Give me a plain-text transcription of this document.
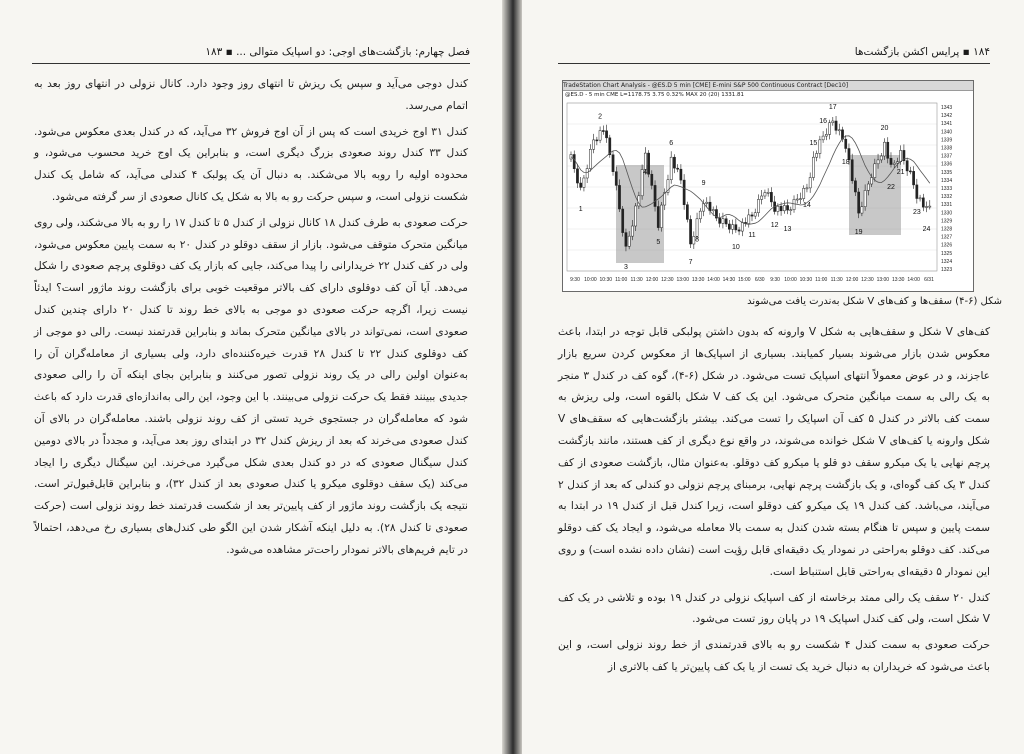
فصل چهارم: بازگشت‌های اوجی: دو اسپایک متوالی ... ▪ ۱۸۳

کندل دوجی می‌آید و سپس یک ریزش تا انتهای روز وجود دارد. کانال نزولی در انتهای روز بعد به اتمام می‌رسد.

کندل ۳۱ اوج خریدی است که پس از آن اوج فروش ۳۲ می‌آید، که در کندل بعدی معکوس می‌شود. کندل ۳۳ کندل روند صعودی بزرگ دیگری است، و بنابراین یک اوج خرید محسوب می‌شود، و محدوده اولیه را روبه بالا می‌شکند. به دنبال آن یک پولبک ۴ کندلی می‌آید، که شامل یک کندل شکست نزولی است، و سپس حرکت رو به بالا به شکل یک کانال صعودی از سر گرفته می‌شود.

حرکت صعودی به طرف کندل ۱۸ کانال نزولی از کندل ۵ تا کندل ۱۷ را رو به بالا می‌شکند، ولی روی میانگین متحرک متوقف می‌شود. بازار از سقف دوقلو در کندل ۲۰ به سمت پایین معکوس می‌شود، ولی در کف کندل ۲۲ خریدارانی را پیدا می‌کند، جایی که بازار یک کف دوقلوی پرچم صعودی را شکل می‌دهد. آیا آن کف دوقلوی دارای کف بالاتر موقعیت خوبی برای بازگشت روند ماژور است؟ ایدئاً نیست زیرا، اگرچه حرکت صعودی دو موجی به بالای خط روند تا کندل ۲۰ دارای چندین کندل صعودی است، نمی‌تواند در بالای میانگین متحرک بماند و بنابراین قدرتمند نیست. رالی دو موجی از کف دوقلوی کندل ۲۲ تا کندل ۲۸ قدرت خیره‌کننده‌ای دارد، ولی بسیاری از معامله‌گران آن را به‌عنوان اولین رالی در یک روند نزولی تصور می‌کنند و بنابراین بجای اینکه آن را رالی صعودی جدیدی ببینند فقط یک حرکت نزولی می‌بینند. با این وجود، این رالی به‌اندازه‌ای قدرت دارد که باعث شود که معامله‌گران در جستجوی خرید تستی از کف روند نزولی باشند. معامله‌گران در بالای آن کندل صعودی می‌خرند که بعد از ریزش کندل ۳۲ در ابتدای روز بعد می‌آید، و مجدداً در بالای دومین کندل سیگنال صعودی که در دو کندل بعدی شکل می‌گیرد می‌خرند. این سیگنال دیگری را ایجاد می‌کند (یک سقف دوقلوی میکرو یا کندل صعودی بعد از کندل ۳۲)، و بنابراین قابل‌قبول‌تر است. نتیجه یک بازگشت روند ماژور از کف پایین‌تر بعد از شکست قدرتمند خط روند نزولی است (حرکت صعودی تا کندل ۲۸). به دلیل اینکه آشکار شدن این الگو طی کندل‌های بسیاری رخ می‌دهد، احتمالاً در تایم فریم‌های بالاتر نمودار راحت‌تر مشاهده می‌شود.

۱۸۴ ▪ پرایس اکشن بازگشت‌ها
TradeStation Chart Analysis - @ES.D 5 min [CME] E-mini S&P 500 Continuous Contract [Dec10]
@ES.D - 5 min CME L=1178.75 3.75 0.32% MAX 20 (20) 1331.81
1
2
3
4
5
6
7
8
9
10
11
12
13
14
15
16
17
18
19
20
21
22
23
24
1343
1342
1341
1340
1339
1338
1337
1336
1335
1334
1333
1332
1331
1330
1329
1328
1327
1326
1325
1324
1323
9:30 10:00 10:30 11:00 11:30 12:00 12:30 13:00 13:30 14:00 14:30 15:00 6/30 9:30 10:00 10:30 11:00 11:30 12:00 12:30 13:00 13:30 14:00 6/31
شکل (۶-۴) سقف‌ها و کف‌های V شکل به‌ندرت یافت می‌شوند

کف‌های V شکل و سقف‌هایی به شکل V وارونه که بدون داشتن پولبکی قابل توجه در ابتدا، باعث معکوس شدن بازار می‌شوند بسیار کمیابند. بسیاری از اسپایک‌ها از معکوس کردن سریع بازار عاجزند، و در عوض معمولاً انتهای اسپایک تست می‌شود. در شکل (۶-۴)، گوه کف در کندل ۳ منجر به یک رالی به سمت میانگین متحرک می‌شود. این یک کف V شکل بالقوه است، ولی ریزش به سمت کف بالاتر در کندل ۵ کف آن اسپایک را تست می‌کند. بیشتر بازگشت‌هایی که سقف‌های V شکل وارونه یا کف‌های V شکل خوانده می‌شوند، در واقع نوع دیگری از کف هستند، مانند بازگشت پرچم نهایی یا یک میکرو سقف دو قلو یا میکرو کف دوقلو. به‌عنوان مثال، بازگشت صعودی از کف کندل ۳ یک کف گوه‌ای، و یک بازگشت پرچم نهایی، برمبنای پرچم نزولی دو کندلی که بعد از کندل ۲ می‌آیند، می‌باشد. کف کندل ۱۹ یک میکرو کف دوقلو است، زیرا کندل قبل از کندل ۱۹ در ابتدا به سمت پایین و سپس تا هنگام بسته شدن کندل به سمت بالا معامله می‌شود، و ایجاد یک کف دوقلو می‌کند. کف دوقلو به‌راحتی در نمودار یک دقیقه‌ای قابل رؤیت است (نشان داده نشده است) و روی این نمودار ۵ دقیقه‌ای به‌راحتی قابل استنباط است.

کندل ۲۰ سقف یک رالی ممتد برخاسته از کف اسپایک نزولی در کندل ۱۹ بوده و تلاشی در یک کف V شکل است، ولی کف کندل اسپایک ۱۹ در پایان روز تست می‌شود.

حرکت صعودی به سمت کندل ۴ شکست رو به بالای قدرتمندی از خط روند نزولی است، و این باعث می‌شود که خریداران به دنبال خرید یک تست از یا یک کف پایین‌تر یا کف بالاتری از
